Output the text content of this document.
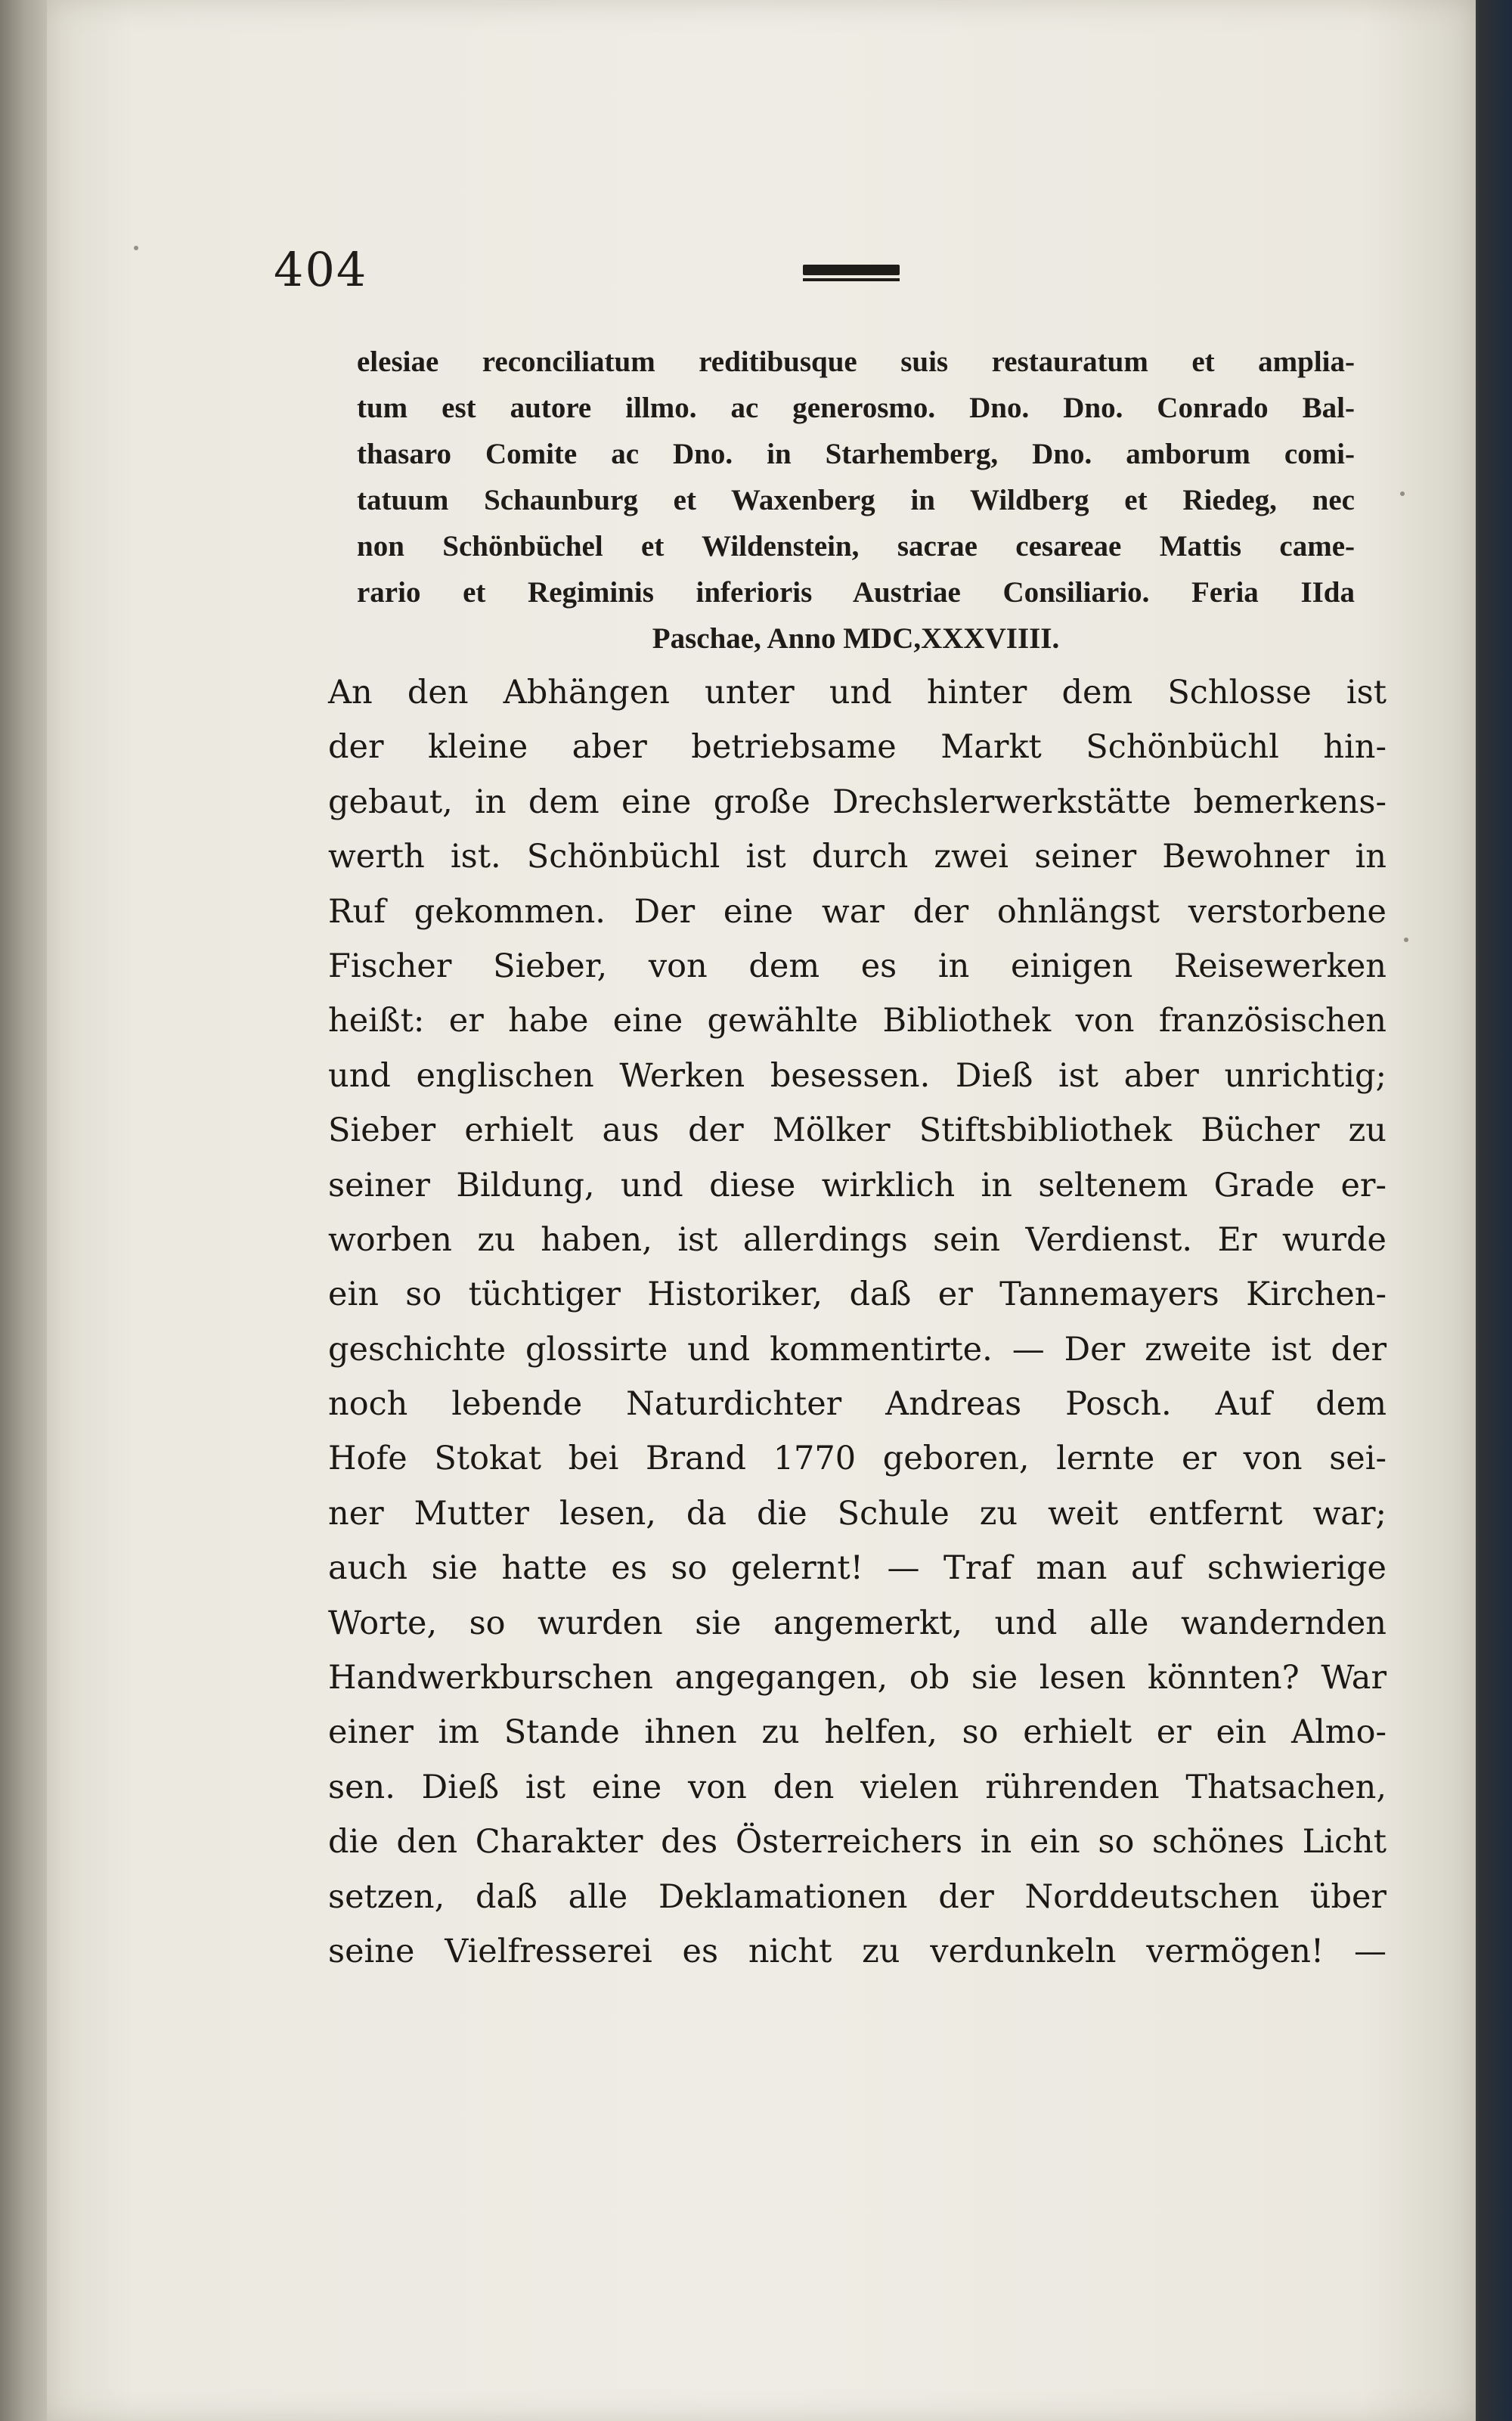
404
elesiae reconciliatum reditibusque suis restauratum et amplia-
tum est autore illmo. ac generosmo. Dno. Dno. Conrado Bal-
thasaro Comite ac Dno. in Starhemberg, Dno. amborum comi-
tatuum Schaunburg et Waxenberg in Wildberg et Riedeg, nec
non Schönbüchel et Wildenstein, sacrae cesareae Mattis came-
rario et Regiminis inferioris Austriae Consiliario. Feria IIda
Paschae, Anno MDC,XXXVIIII.
An den Abhängen unter und hinter dem Schlosse ist
der kleine aber betriebsame Markt Schönbüchl hin-
gebaut, in dem eine große Drechslerwerkstätte bemerkens-
werth ist. Schönbüchl ist durch zwei seiner Bewohner in
Ruf gekommen. Der eine war der ohnlängst verstorbene
Fischer Sieber, von dem es in einigen Reisewerken
heißt: er habe eine gewählte Bibliothek von französischen
und englischen Werken besessen. Dieß ist aber unrichtig;
Sieber erhielt aus der Mölker Stiftsbibliothek Bücher zu
seiner Bildung, und diese wirklich in seltenem Grade er-
worben zu haben, ist allerdings sein Verdienst. Er wurde
ein so tüchtiger Historiker, daß er Tannemayers Kirchen-
geschichte glossirte und kommentirte. — Der zweite ist der
noch lebende Naturdichter Andreas Posch. Auf dem
Hofe Stokat bei Brand 1770 geboren, lernte er von sei-
ner Mutter lesen, da die Schule zu weit entfernt war;
auch sie hatte es so gelernt! — Traf man auf schwierige
Worte, so wurden sie angemerkt, und alle wandernden
Handwerkburschen angegangen, ob sie lesen könnten? War
einer im Stande ihnen zu helfen, so erhielt er ein Almo-
sen. Dieß ist eine von den vielen rührenden Thatsachen,
die den Charakter des Österreichers in ein so schönes Licht
setzen, daß alle Deklamationen der Norddeutschen über
seine Vielfresserei es nicht zu verdunkeln vermögen! —
